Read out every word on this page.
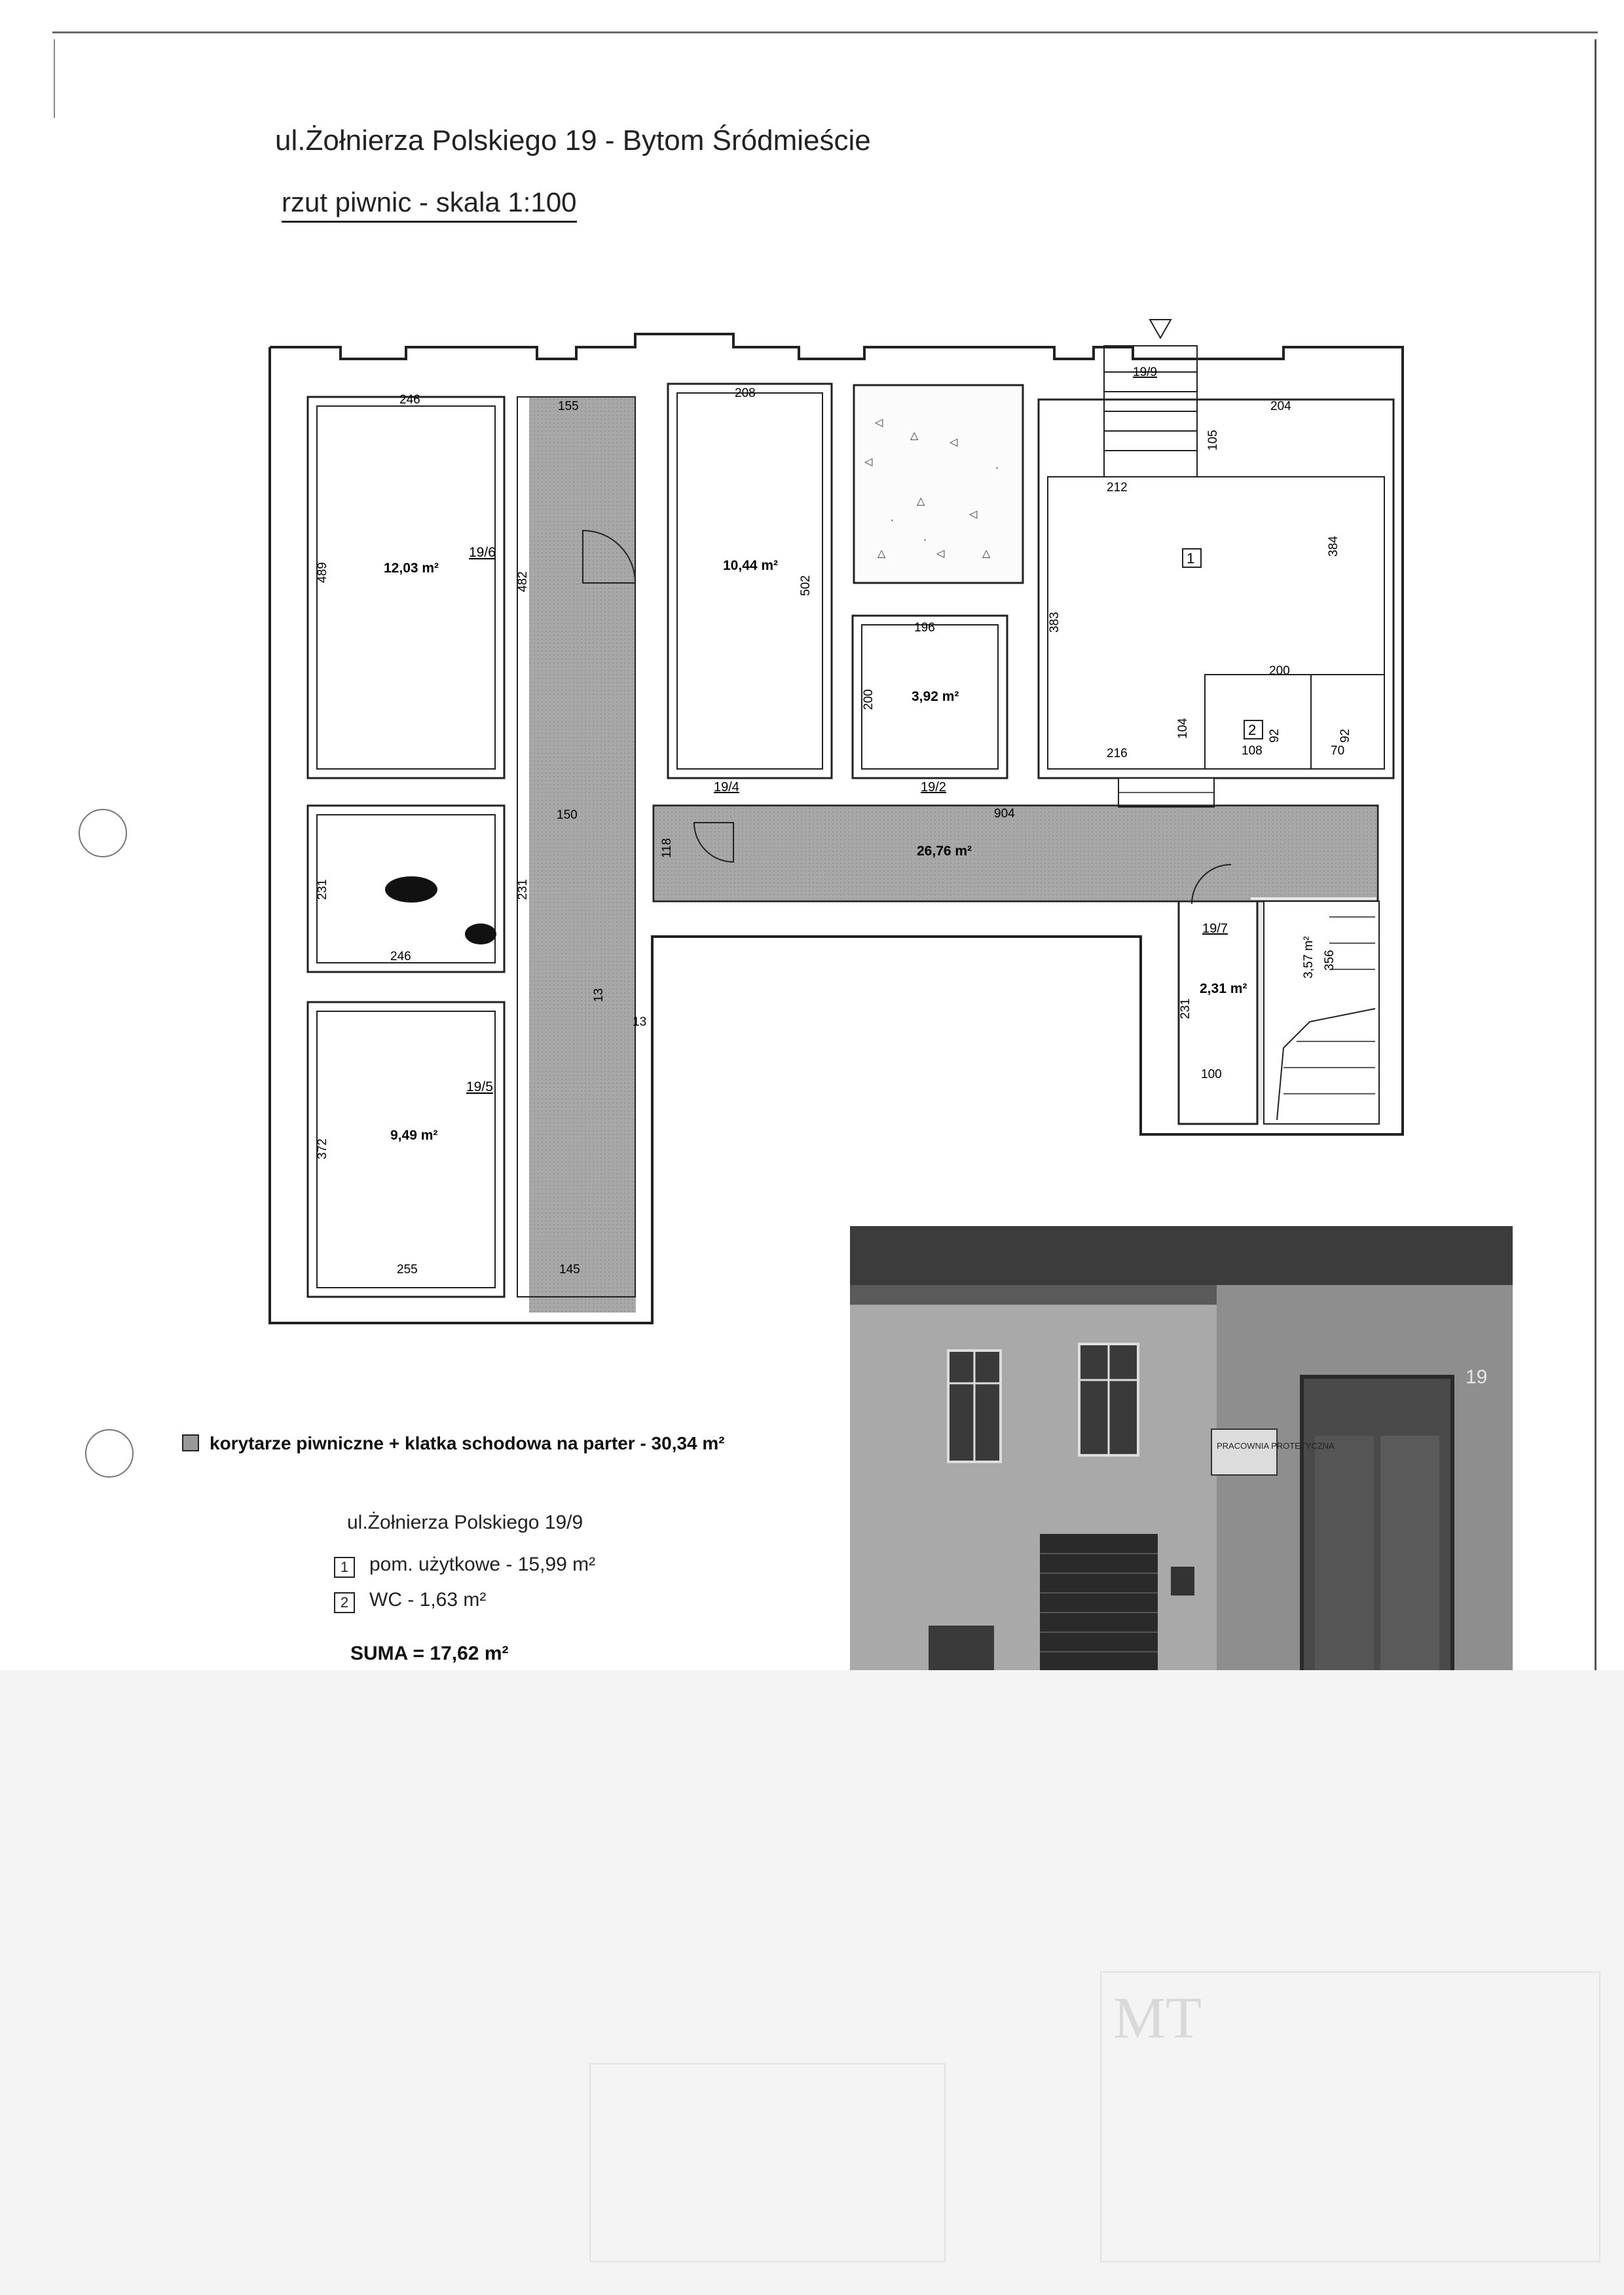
ul.Żołnierza Polskiego 19 - Bytom Śródmieście
rzut piwnic - skala 1:100
246
489	12,03 m²
19/6
155
482
208
502
10,44 m²
19/4
196
200	3,92 m²
19/2
19/9
212
105
204
384
383
200
216
104
1
2
108
92
70
92
26,76 m²
904
118
150
231
246
231
19/5
9,49 m²
372
255	145
13
13
19/7
2,31 m²
231
100
3,57 m² 356
◁
△
◁
◁
△
◁
△	◁	△
·
·
·
korytarze piwniczne + klatka schodowa na parter - 30,34 m²
ul.Żołnierza Polskiego 19/9
1 pom. użytkowe - 15,99 m²
2 WC - 1,63 m²
SUMA = 17,62 m²
PRACOWNIA PROTETYCZNA
19
MT
